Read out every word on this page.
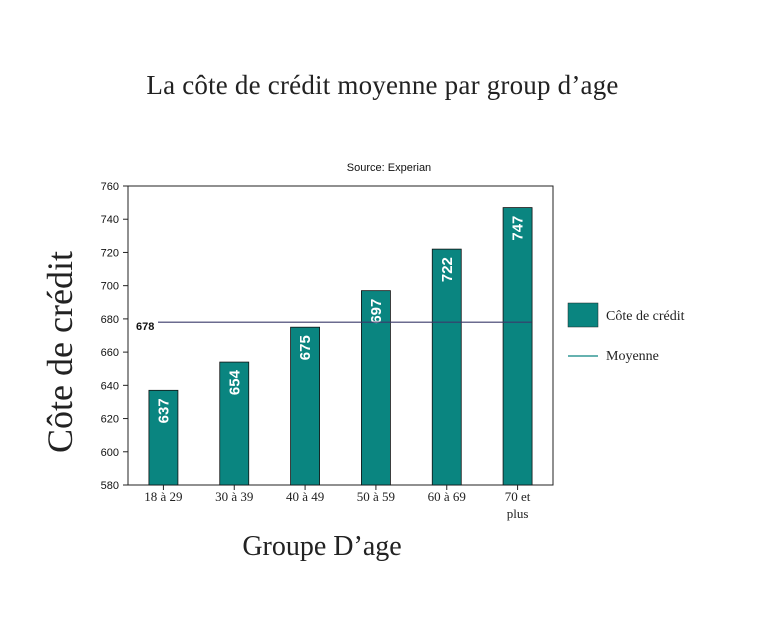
La côte de crédit moyenne par group d’age
Source: Experian
760
740
720
700
680
660
640
620
600
580
637
18 à 29
654
30 à 39
675
40 à 49
697
50 à 59
722
60 à 69
747
70 et
plus
678
Côte de crédit
Groupe D’age
Côte de crédit
Moyenne
